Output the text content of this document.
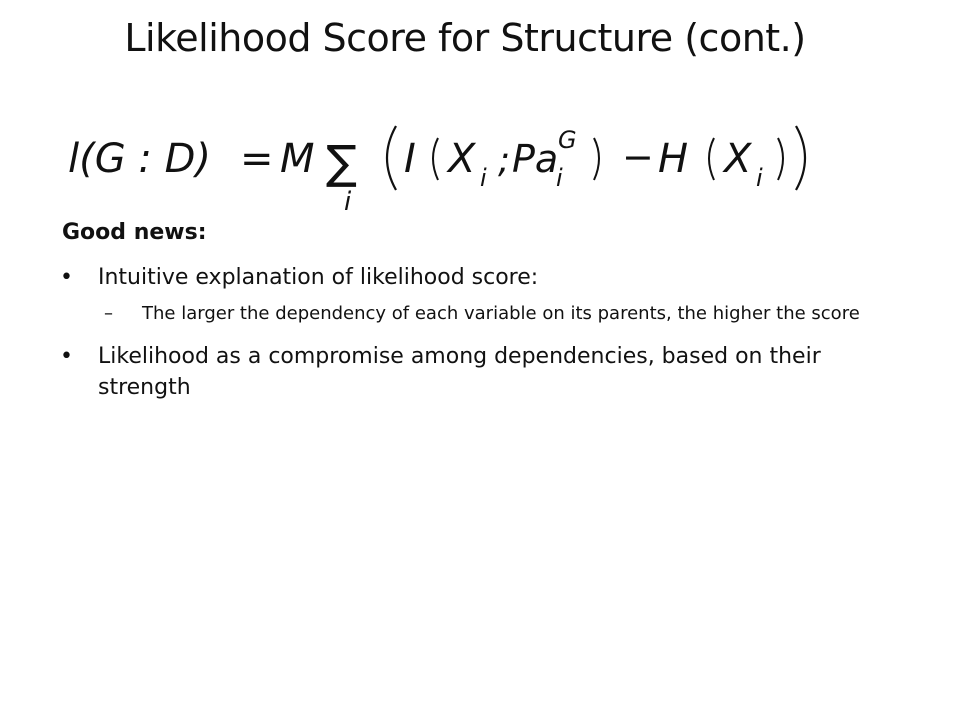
Likelihood Score for Structure (cont.)
l(G : D) = M ∑
i
I X i ; Pa G
i − H X i
Good news:
• Intuitive explanation of likelihood score:
– The larger the dependency of each variable on its parents, the higher the score
• Likelihood as a compromise among dependencies, based on their strength
